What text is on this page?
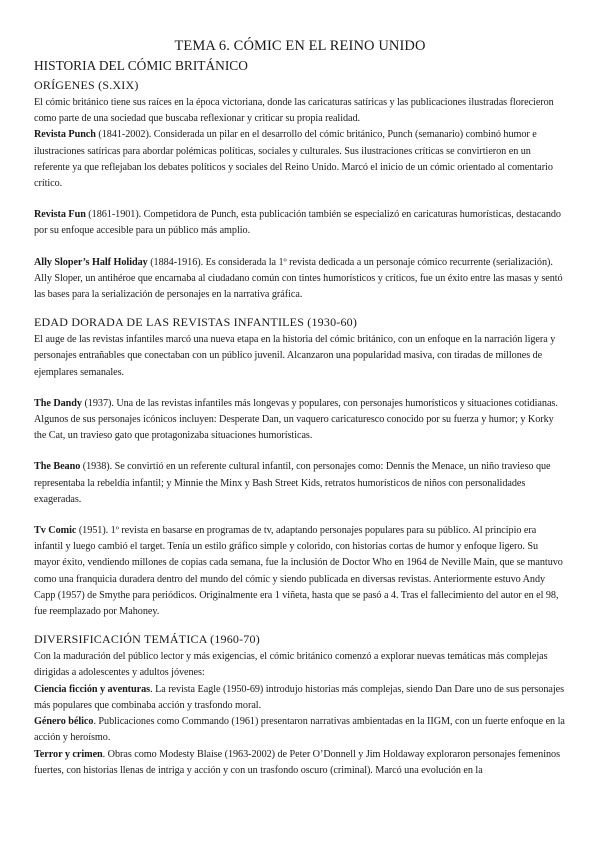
TEMA 6. CÓMIC EN EL REINO UNIDO
HISTORIA DEL CÓMIC BRITÁNICO
ORÍGENES (S.XIX)

El cómic británico tiene sus raíces en la época victoriana, donde las caricaturas satíricas y las publicaciones ilustradas florecieron como parte de una sociedad que buscaba reflexionar y criticar su propia realidad.

Revista Punch (1841-2002). Considerada un pilar en el desarrollo del cómic británico, Punch (semanario) combinó humor e ilustraciones satíricas para abordar polémicas políticas, sociales y culturales. Sus ilustraciones críticas se convirtieron en un referente ya que reflejaban los debates políticos y sociales del Reino Unido. Marcó el inicio de un cómic orientado al comentario crítico.

Revista Fun (1861-1901). Competidora de Punch, esta publicación también se especializó en caricaturas humorísticas, destacando por su enfoque accesible para un público más amplio.

Ally Sloper’s Half Holiday (1884-1916). Es considerada la 1º revista dedicada a un personaje cómico recurrente (serialización). Ally Sloper, un antihéroe que encarnaba al ciudadano común con tintes humorísticos y críticos, fue un éxito entre las masas y sentó las bases para la serialización de personajes en la narrativa gráfica.

EDAD DORADA DE LAS REVISTAS INFANTILES (1930-60)

El auge de las revistas infantiles marcó una nueva etapa en la historia del cómic británico, con un enfoque en la narración ligera y personajes entrañables que conectaban con un público juvenil. Alcanzaron una popularidad masiva, con tiradas de millones de ejemplares semanales.

The Dandy (1937). Una de las revistas infantiles más longevas y populares, con personajes humorísticos y situaciones cotidianas. Algunos de sus personajes icónicos incluyen: Desperate Dan, un vaquero caricaturesco conocido por su fuerza y humor; y Korky the Cat, un travieso gato que protagonizaba situaciones humorísticas.

The Beano (1938). Se convirtió en un referente cultural infantil, con personajes como: Dennis the Menace, un niño travieso que representaba la rebeldía infantil; y Minnie the Minx y Bash Street Kids, retratos humorísticos de niños con personalidades exageradas.

Tv Comic (1951). 1º revista en basarse en programas de tv, adaptando personajes populares para su público. Al principio era infantil y luego cambió el target. Tenía un estilo gráfico simple y colorido, con historias cortas de humor y enfoque ligero. Su mayor éxito, vendiendo millones de copias cada semana, fue la inclusión de Doctor Who en 1964 de Neville Main, que se mantuvo como una franquicia duradera dentro del mundo del cómic y siendo publicada en diversas revistas. Anteriormente estuvo Andy Capp (1957) de Smythe para periódicos. Originalmente era 1 viñeta, hasta que se pasó a 4. Tras el fallecimiento del autor en el 98, fue reemplazado por Mahoney.

DIVERSIFICACIÓN TEMÁTICA (1960-70)

Con la maduración del público lector y más exigencias, el cómic británico comenzó a explorar nuevas temáticas más complejas dirigidas a adolescentes y adultos jóvenes:

Ciencia ficción y aventuras. La revista Eagle (1950-69) introdujo historias más complejas, siendo Dan Dare uno de sus personajes más populares que combinaba acción y trasfondo moral.

Género bélico. Publicaciones como Commando (1961) presentaron narrativas ambientadas en la IIGM, con un fuerte enfoque en la acción y heroísmo.

Terror y crimen. Obras como Modesty Blaise (1963-2002) de Peter O’Donnell y Jim Holdaway exploraron personajes femeninos fuertes, con historias llenas de intriga y acción y con un trasfondo oscuro (criminal). Marcó una evolución en la
